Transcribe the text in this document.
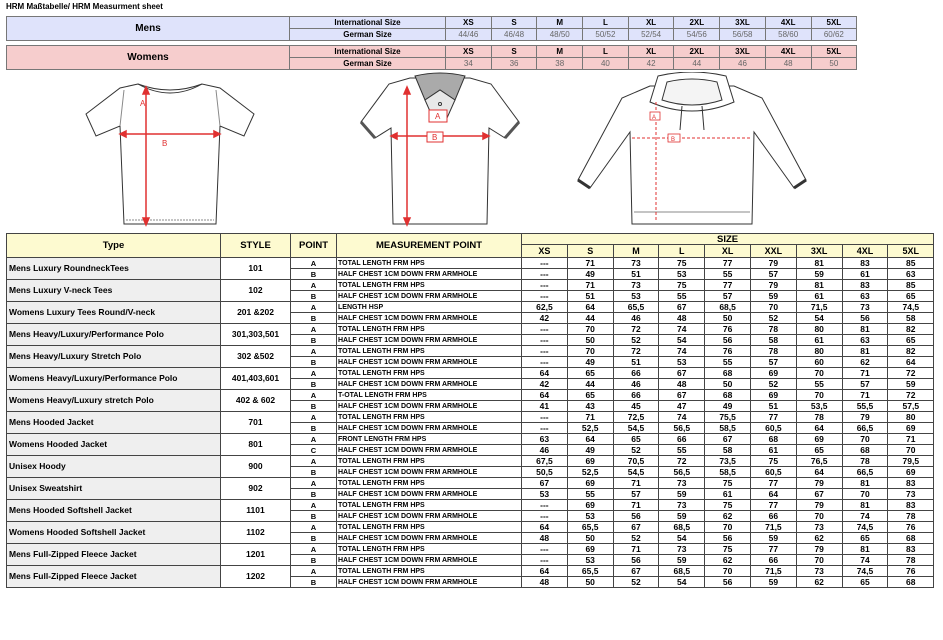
HRM Maßtabelle/ HRM Measurment sheet
Mens	International Size	XS	S	M	L	XL	2XL	3XL	4XL	5XL
	German Size	44/46	46/48	48/50	50/52	52/54	54/56	56/58	58/60	60/62
Womens	International Size	XS	S	M	L	XL	2XL	3XL	4XL	5XL
	German Size	34	36	38	40	42	44	46	48	50
A
B
A
B
A
B
Type	STYLE	POINT	MEASUREMENT POINT	SIZE								
				XS	S	M	L	XL	XXL	3XL	4XL	5XL
Mens Luxury RoundneckTees	101	A	TOTAL LENGTH FRM HPS	---	71	73	75	77	79	81	83	85
		B	HALF CHEST 1CM DOWN FRM ARMHOLE	---	49	51	53	55	57	59	61	63
Mens Luxury V-neck Tees	102	A	TOTAL LENGTH FRM HPS	---	71	73	75	77	79	81	83	85
		B	HALF CHEST 1CM DOWN FRM ARMHOLE	---	51	53	55	57	59	61	63	65
Womens Luxury Tees Round/V-neck	201 &202	A	LENGTH HSP	62,5	64	65,5	67	68,5	70	71,5	73	74,5
		B	HALF CHEST 1CM DOWN FRM ARMHOLE	42	44	46	48	50	52	54	56	58
Mens Heavy/Luxury/Performance Polo	301,303,501	A	TOTAL LENGTH FRM HPS	---	70	72	74	76	78	80	81	82
		B	HALF CHEST 1CM DOWN FRM ARMHOLE	---	50	52	54	56	58	61	63	65
Mens Heavy/Luxury Stretch Polo	302 &502	A	TOTAL LENGTH FRM HPS	---	70	72	74	76	78	80	81	82
		B	HALF CHEST 1CM DOWN FRM ARMHOLE	---	49	51	53	55	57	60	62	64
Womens Heavy/Luxury/Performance Polo	401,403,601	A	TOTAL LENGTH FRM HPS	64	65	66	67	68	69	70	71	72
		B	HALF CHEST 1CM DOWN FRM ARMHOLE	42	44	46	48	50	52	55	57	59
Womens Heavy/Luxury stretch Polo	402 & 602	A	T-OTAL LENGTH FRM HPS	64	65	66	67	68	69	70	71	72
		B	HALF CHEST 1CM DOWN FRM ARMHOLE	41	43	45	47	49	51	53,5	55,5	57,5
Mens Hooded Jacket	701	A	TOTAL LENGTH FRM HPS	---	71	72,5	74	75,5	77	78	79	80
		B	HALF CHEST 1CM DOWN FRM ARMHOLE	---	52,5	54,5	56,5	58,5	60,5	64	66,5	69
Womens Hooded Jacket	801	A	FRONT LENGTH FRM HPS	63	64	65	66	67	68	69	70	71
		C	HALF CHEST 1CM DOWN FRM ARMHOLE	46	49	52	55	58	61	65	68	70
Unisex Hoody	900	A	TOTAL LENGTH FRM HPS	67,5	69	70,5	72	73,5	75	76,5	78	79,5
		B	HALF CHEST 1CM DOWN FRM ARMHOLE	50,5	52,5	54,5	56,5	58,5	60,5	64	66,5	69
Unisex Sweatshirt	902	A	TOTAL LENGTH FRM HPS	67	69	71	73	75	77	79	81	83
		B	HALF CHEST 1CM DOWN FRM ARMHOLE	53	55	57	59	61	64	67	70	73
Mens Hooded Softshell Jacket	1101	A	TOTAL LENGTH FRM HPS	---	69	71	73	75	77	79	81	83
		B	HALF CHEST 1CM DOWN FRM ARMHOLE	---	53	56	59	62	66	70	74	78
Womens Hooded Softshell Jacket	1102	A	TOTAL LENGTH FRM HPS	64	65,5	67	68,5	70	71,5	73	74,5	76
		B	HALF CHEST 1CM DOWN FRM ARMHOLE	48	50	52	54	56	59	62	65	68
Mens Full-Zipped Fleece Jacket	1201	A	TOTAL LENGTH FRM HPS	---	69	71	73	75	77	79	81	83
		B	HALF CHEST 1CM DOWN FRM ARMHOLE	---	53	56	59	62	66	70	74	78
Mens Full-Zipped Fleece Jacket	1202	A	TOTAL LENGTH FRM HPS	64	65,5	67	68,5	70	71,5	73	74,5	76
		B	HALF CHEST 1CM DOWN FRM ARMHOLE	48	50	52	54	56	59	62	65	68
